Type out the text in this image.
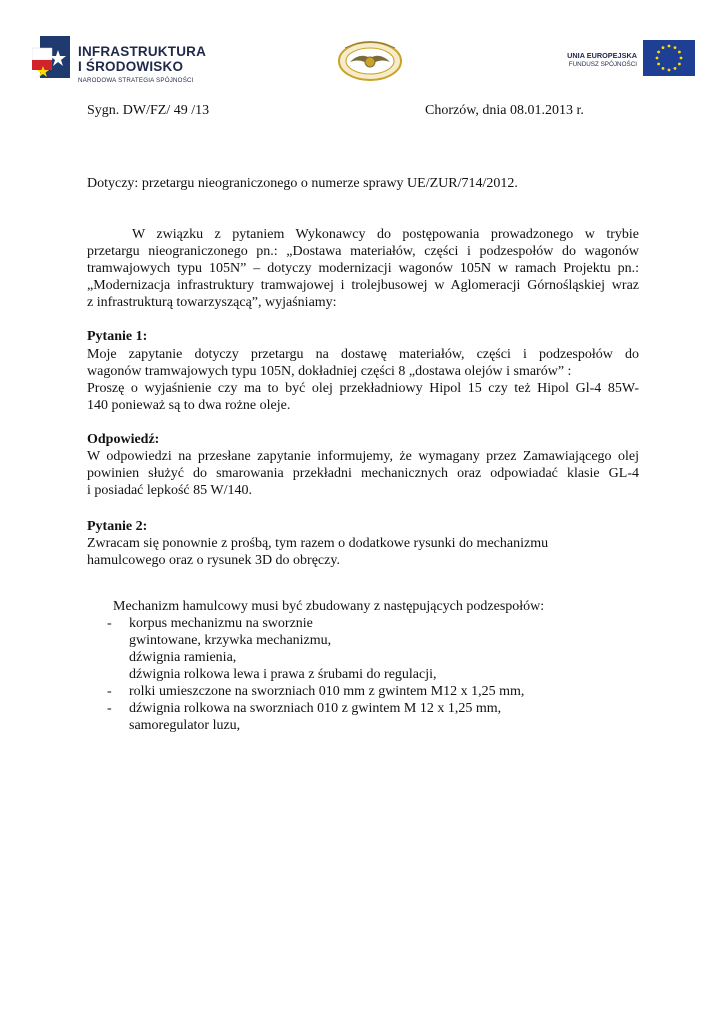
INFRASTRUKTURA
I ŚRODOWISKO
NARODOWA STRATEGIA SPÓJNOŚCI
UNIA EUROPEJSKA
FUNDUSZ SPÓJNOŚCI
Sygn. DW/FZ/ 49 /13	Chorzów, dnia 08.01.2013 r.
Dotyczy: przetargu nieograniczonego o numerze sprawy UE/ZUR/714/2012.
W związku z pytaniem Wykonawcy do postępowania prowadzonego w trybie
przetargu nieograniczonego pn.: „Dostawa materiałów, części i podzespołów do wagonów
tramwajowych typu 105N” – dotyczy modernizacji wagonów 105N w ramach Projektu pn.:
„Modernizacja infrastruktury tramwajowej i trolejbusowej w Aglomeracji Górnośląskiej wraz
z infrastrukturą towarzyszącą”, wyjaśniamy:
Pytanie 1:
Moje zapytanie dotyczy przetargu na dostawę materiałów, części i podzespołów do
wagonów tramwajowych typu 105N, dokładniej części 8 „dostawa olejów i smarów” :
Proszę o wyjaśnienie czy ma to być olej przekładniowy Hipol 15 czy też Hipol Gl-4 85W-
140 ponieważ są to dwa rożne oleje.
Odpowiedź:
W odpowiedzi na przesłane zapytanie informujemy, że wymagany przez Zamawiającego olej
powinien służyć do smarowania przekładni mechanicznych oraz odpowiadać klasie GL-4
i posiadać lepkość 85 W/140.
Pytanie 2:
Zwracam się ponownie z prośbą, tym razem o dodatkowe rysunki do mechanizmu
hamulcowego oraz o rysunek 3D do obręczy.
Mechanizm hamulcowy musi być zbudowany z następujących podzespołów:
- korpus mechanizmu na sworznie
gwintowane, krzywka mechanizmu,
dźwignia ramienia,
dźwignia rolkowa lewa i prawa z śrubami do regulacji,
- rolki umieszczone na sworzniach 010 mm z gwintem M12 x 1,25 mm,
- dźwignia rolkowa na sworzniach 010 z gwintem M 12 x 1,25 mm,
samoregulator luzu,
